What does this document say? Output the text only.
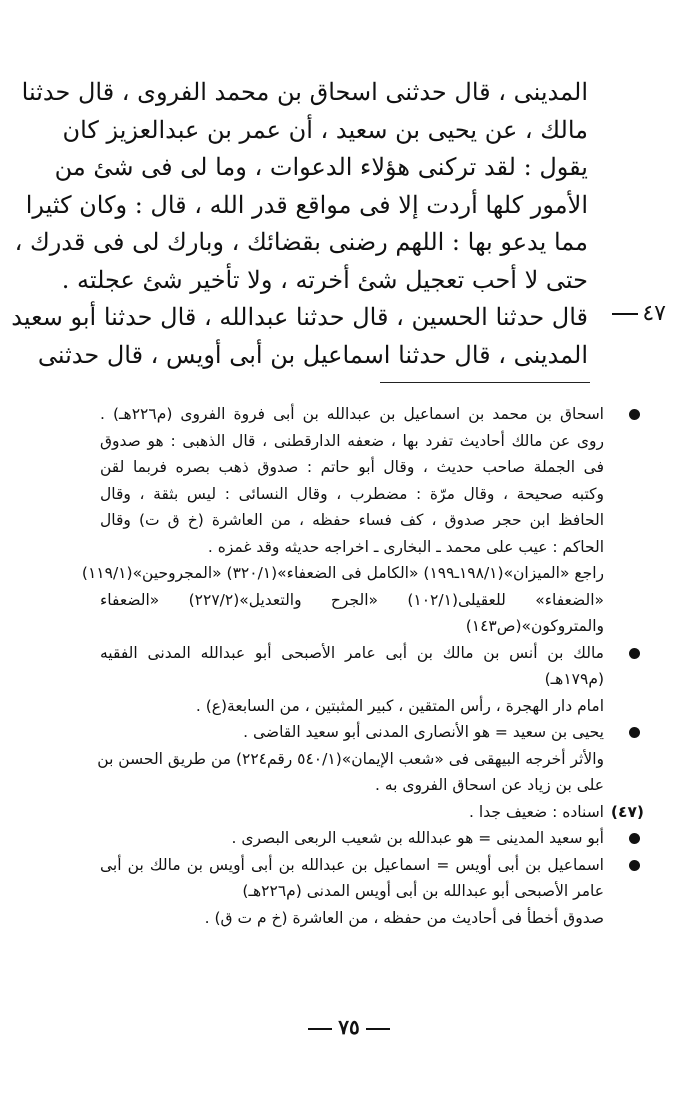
المدينى ، قال حدثنى اسحاق بن محمد الفروى ، قال حدثنا
مالك ، عن يحيى بن سعيد ، أن عمر بن عبدالعزيز كان
يقول : لقد تركنى هؤلاء الدعوات ، وما لى فى شئ من
الأمور كلها أردت إلا فى مواقع قدر الله ، قال : وكان كثيرا
مما يدعو بها : اللهم رضنى بقضائك ، وبارك لى فى قدرك ،
حتى لا أحب تعجيل شئ أخرته ، ولا تأخير شئ عجلته .
قال حدثنا الحسين ، قال حدثنا عبدالله ، قال حدثنا أبو سعيد
المدينى ، قال حدثنا اسماعيل بن أبى أويس ، قال حدثنى
٤٧
اسحاق بن محمد بن اسماعيل بن عبدالله بن أبى فروة الفروى (م٢٢٦هـ) .
روى عن مالك أحاديث تفرد بها ، ضعفه الدارقطنى ، قال الذهبى : هو صدوق
فى الجملة صاحب حديث ، وقال أبو حاتم : صدوق ذهب بصره فربما لقن
وكتبه صحيحة ، وقال مرّة : مضطرب ، وقال النسائى : ليس بثقة ، وقال
الحافظ ابن حجر صدوق ، كف فساء حفظه ، من العاشرة (خ ق ت) وقال
الحاكم : عيب على محمد ـ البخارى ـ اخراجه حديثه وقد غمزه .
راجع «الميزان»(١٩٨/١ـ١٩٩) «الكامل فى الضعفاء»(٣٢٠/١) «المجروحين»(١١٩/١)
«الضعفاء» للعقيلى(١٠٢/١) «الجرح والتعديل»(٢٢٧/٢) «الضعفاء
والمتروكون»(ص١٤٣)
مالك بن أنس بن مالك بن أبى عامر الأصبحى أبو عبدالله المدنى الفقيه
(م١٧٩هـ)
امام دار الهجرة ، رأس المتقين ، كبير المثبتين ، من السابعة(ع) .
يحيى بن سعيد = هو الأنصارى المدنى أبو سعيد القاضى .
والأثر أخرجه البيهقى فى «شعب الإيمان»(٥٤٠/١ رقم٢٢٤) من طريق الحسن بن
على بن زياد عن اسحاق الفروى به .
(٤٧)
اسناده : ضعيف جدا .
أبو سعيد المدينى = هو عبدالله بن شعيب الربعى البصرى .
اسماعيل بن أبى أويس = اسماعيل بن عبدالله بن أبى أويس بن مالك بن أبى
عامر الأصبحى أبو عبدالله بن أبى أويس المدنى (م٢٢٦هـ)
صدوق أخطأ فى أحاديث من حفظه ، من العاشرة (خ م ت ق) .
٧٥
